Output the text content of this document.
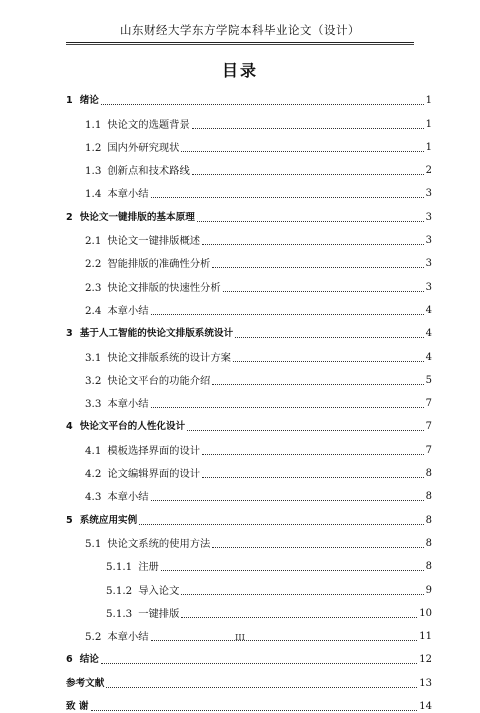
山东财经大学东方学院本科毕业论文（设计）
目录
1 绪论	1
1.1 快论文的选题背景	1
1.2 国内外研究现状	1
1.3 创新点和技术路线	2
1.4 本章小结	3
2 快论文一键排版的基本原理	3
2.1 快论文一键排版概述	3
2.2 智能排版的准确性分析	3
2.3 快论文排版的快速性分析	3
2.4 本章小结	4
3 基于人工智能的快论文排版系统设计	4
3.1 快论文排版系统的设计方案	4
3.2 快论文平台的功能介绍	5
3.3 本章小结	7
4 快论文平台的人性化设计	7
4.1 模板选择界面的设计	7
4.2 论文编辑界面的设计	8
4.3 本章小结	8
5 系统应用实例	8
5.1 快论文系统的使用方法	8
5.1.1 注册	8
5.1.2 导入论文	9
5.1.3 一键排版	10
5.2 本章小结	11
6 结论	12
参考文献	13
致 谢	14
III
